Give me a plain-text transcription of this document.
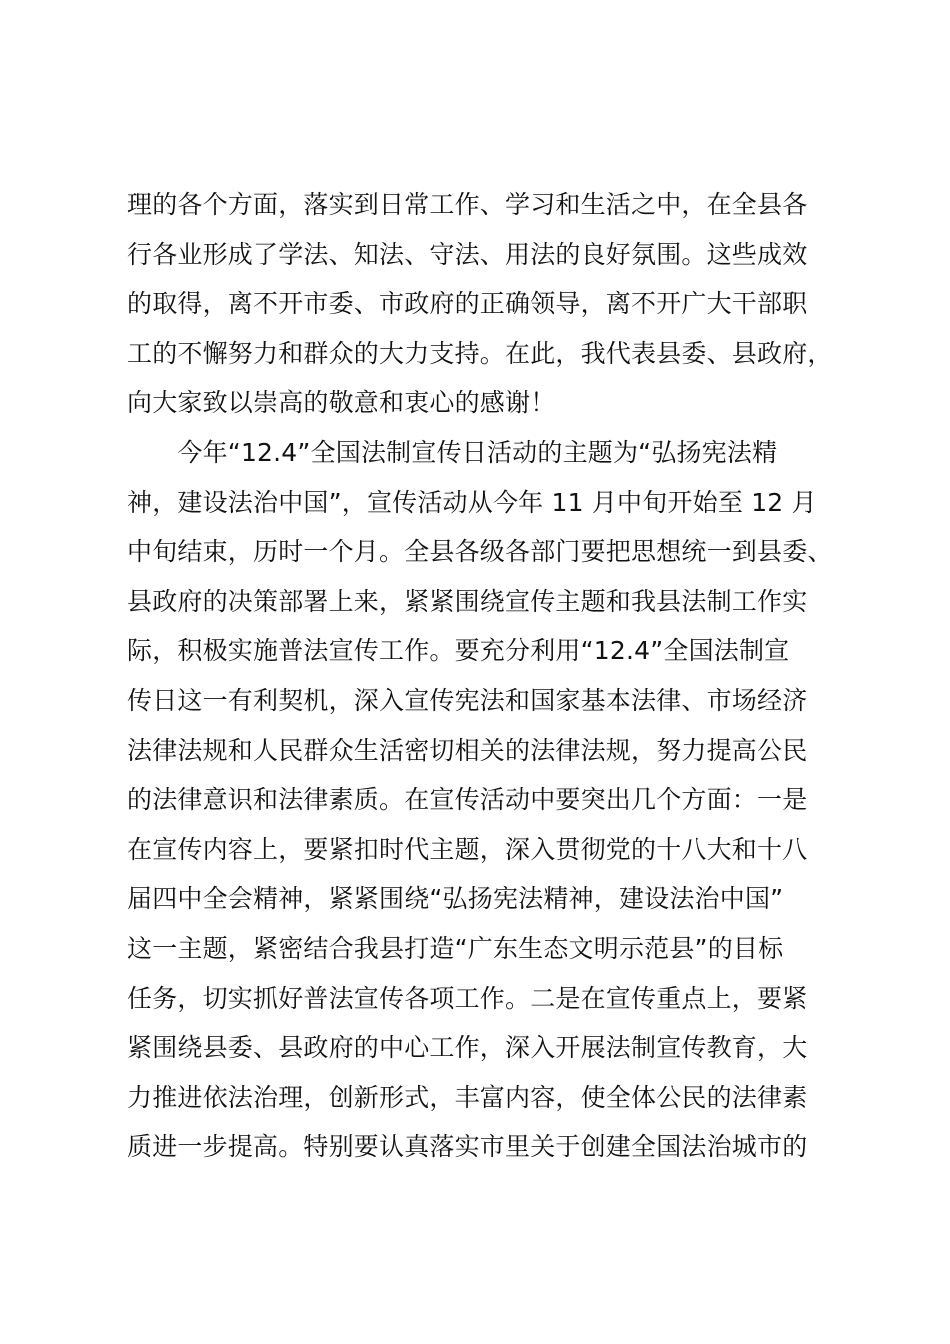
理的各个方面，落实到日常工作、学习和生活之中，在全县各
行各业形成了学法、知法、守法、用法的良好氛围。这些成效
的取得，离不开市委、市政府的正确领导，离不开广大干部职
工的不懈努力和群众的大力支持。在此，我代表县委、县政府，
向大家致以崇高的敬意和衷心的感谢！
　　今年“12.4”全国法制宣传日活动的主题为“弘扬宪法精
神，建设法治中国”，宣传活动从今年 11 月中旬开始至 12 月
中旬结束，历时一个月。全县各级各部门要把思想统一到县委、
县政府的决策部署上来，紧紧围绕宣传主题和我县法制工作实
际，积极实施普法宣传工作。要充分利用“12.4”全国法制宣
传日这一有利契机，深入宣传宪法和国家基本法律、市场经济
法律法规和人民群众生活密切相关的法律法规，努力提高公民
的法律意识和法律素质。在宣传活动中要突出几个方面：一是
在宣传内容上，要紧扣时代主题，深入贯彻党的十八大和十八
届四中全会精神，紧紧围绕“弘扬宪法精神，建设法治中国”
这一主题，紧密结合我县打造“广东生态文明示范县”的目标
任务，切实抓好普法宣传各项工作。二是在宣传重点上，要紧
紧围绕县委、县政府的中心工作，深入开展法制宣传教育，大
力推进依法治理，创新形式，丰富内容，使全体公民的法律素
质进一步提高。特别要认真落实市里关于创建全国法治城市的
